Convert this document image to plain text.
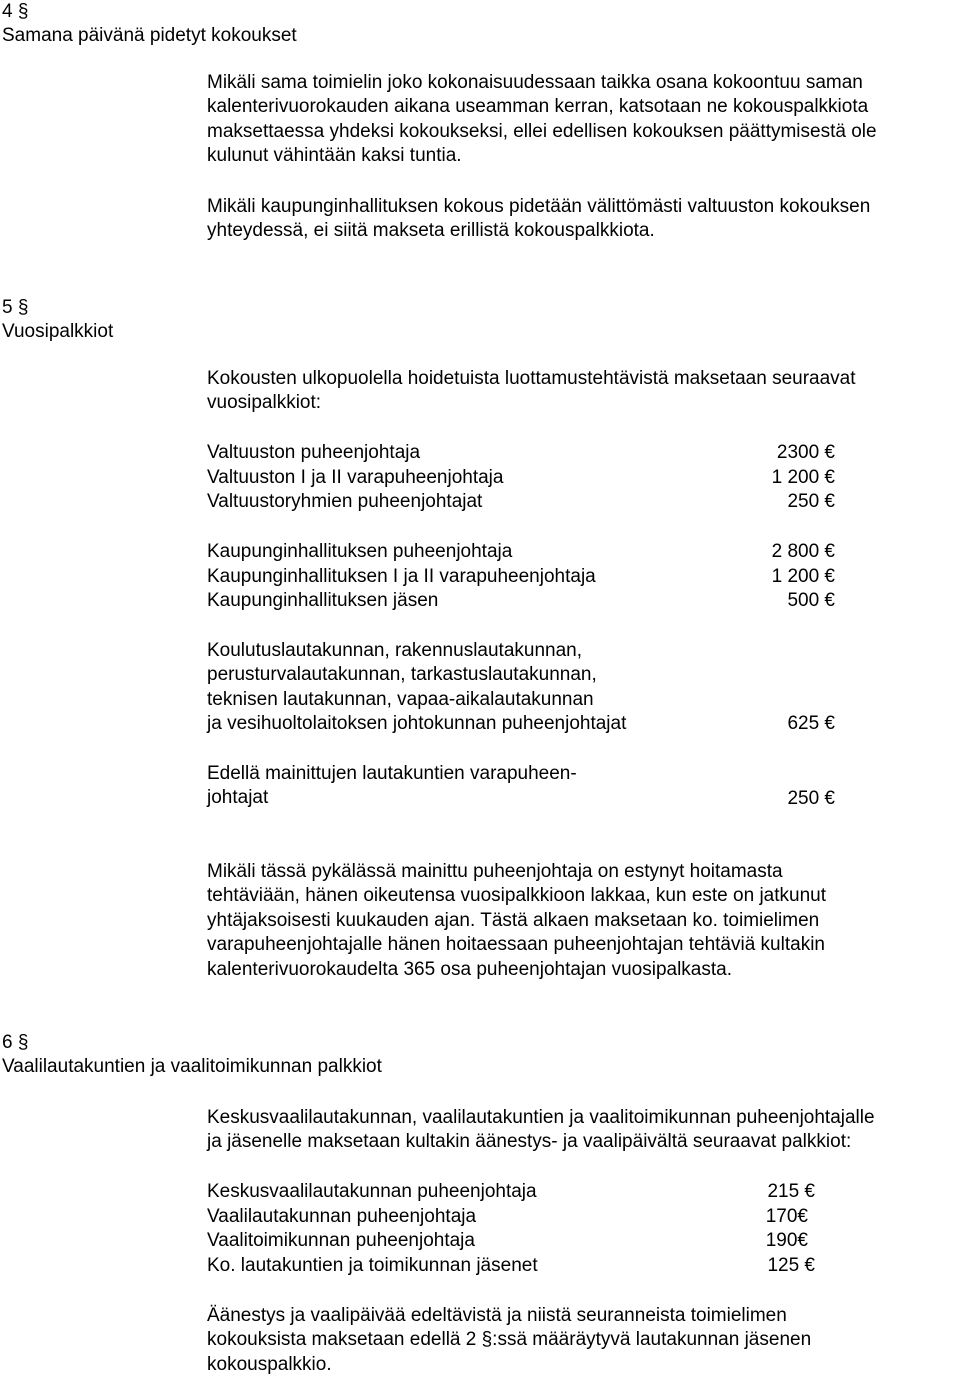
4 §
Samana päivänä pidetyt kokoukset
Mikäli sama toimielin joko kokonaisuudessaan taikka osana kokoontuu saman
kalenterivuorokauden aikana useamman kerran, katsotaan ne kokouspalkkiota
maksettaessa yhdeksi kokoukseksi, ellei edellisen kokouksen päättymisestä ole
kulunut vähintään kaksi tuntia.
Mikäli kaupunginhallituksen kokous pidetään välittömästi valtuuston kokouksen
yhteydessä, ei siitä makseta erillistä kokouspalkkiota.
5 §
Vuosipalkkiot
Kokousten ulkopuolella hoidetuista luottamustehtävistä maksetaan seuraavat
vuosipalkkiot:
Valtuuston puheenjohtaja	2300 €
Valtuuston I ja II varapuheenjohtaja	1 200 €
Valtuustoryhmien puheenjohtajat	250 €
Kaupunginhallituksen puheenjohtaja	2 800 €
Kaupunginhallituksen I ja II varapuheenjohtaja	1 200 €
Kaupunginhallituksen jäsen	500 €
Koulutuslautakunnan, rakennuslautakunnan,
perusturvalautakunnan, tarkastuslautakunnan,
teknisen lautakunnan, vapaa-aikalautakunnan
ja vesihuoltolaitoksen johtokunnan puheenjohtajat	625 €
Edellä mainittujen lautakuntien varapuheen-
johtajat	250 €
Mikäli tässä pykälässä mainittu puheenjohtaja on estynyt hoitamasta
tehtäviään, hänen oikeutensa vuosipalkkioon lakkaa, kun este on jatkunut
yhtäjaksoisesti kuukauden ajan. Tästä alkaen maksetaan ko. toimielimen
varapuheenjohtajalle hänen hoitaessaan puheenjohtajan tehtäviä kultakin
kalenterivuorokaudelta 365 osa puheenjohtajan vuosipalkasta.
6 §
Vaalilautakuntien ja vaalitoimikunnan palkkiot
Keskusvaalilautakunnan, vaalilautakuntien ja vaalitoimikunnan puheenjohtajalle
ja jäsenelle maksetaan kultakin äänestys- ja vaalipäivältä seuraavat palkkiot:
Keskusvaalilautakunnan puheenjohtaja	215 €
Vaalilautakunnan puheenjohtaja	170€
Vaalitoimikunnan puheenjohtaja	190€
Ko. lautakuntien ja toimikunnan jäsenet	125 €
Äänestys ja vaalipäivää edeltävistä ja niistä seuranneista toimielimen
kokouksista maksetaan edellä 2 §:ssä määräytyvä lautakunnan jäsenen
kokouspalkkio.
